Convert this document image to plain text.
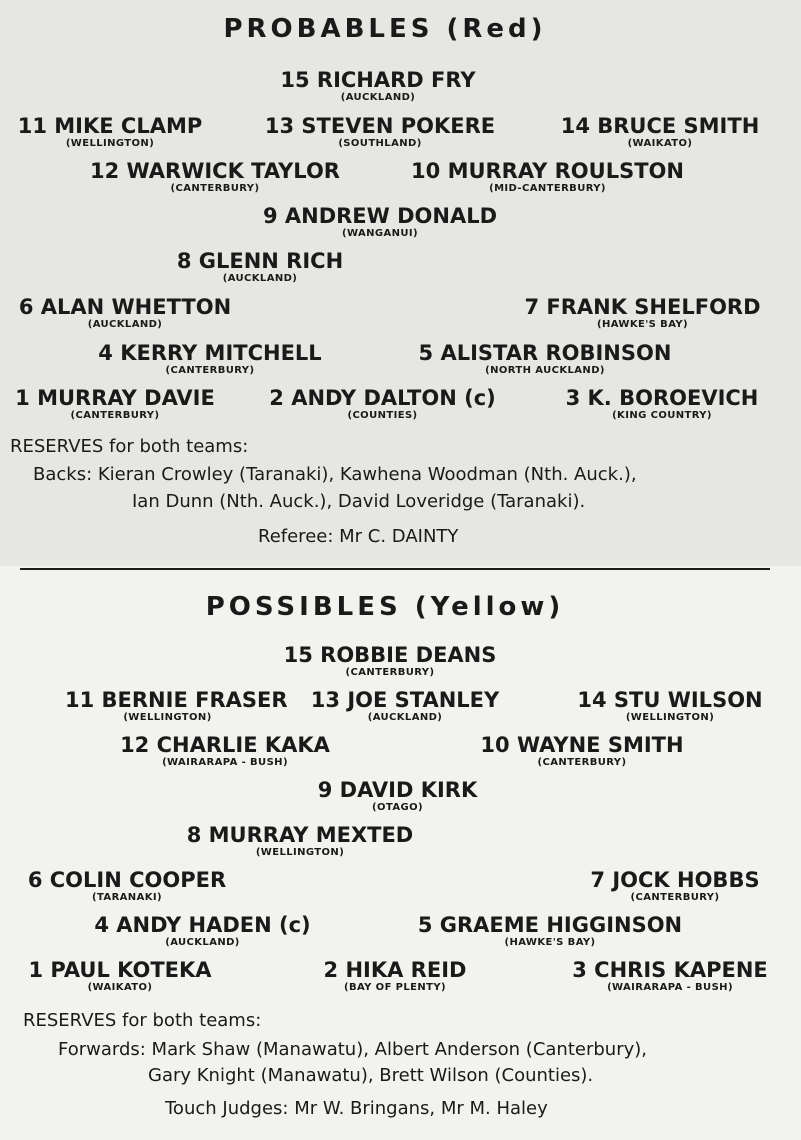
PROBABLES (Red)
15 RICHARD FRY
(AUCKLAND)
11 MIKE CLAMP
(WELLINGTON)
13 STEVEN POKERE
(SOUTHLAND)
14 BRUCE SMITH
(WAIKATO)
12 WARWICK TAYLOR
(CANTERBURY)
10 MURRAY ROULSTON
(MID-CANTERBURY)
9 ANDREW DONALD
(WANGANUI)
8 GLENN RICH
(AUCKLAND)
6 ALAN WHETTON
(AUCKLAND)
7 FRANK SHELFORD
(HAWKE'S BAY)
4 KERRY MITCHELL
(CANTERBURY)
5 ALISTAR ROBINSON
(NORTH AUCKLAND)
1 MURRAY DAVIE
(CANTERBURY)
2 ANDY DALTON (c)
(COUNTIES)
3 K. BOROEVICH
(KING COUNTRY)
RESERVES for both teams:
Backs: Kieran Crowley (Taranaki), Kawhena Woodman (Nth. Auck.),
Ian Dunn (Nth. Auck.), David Loveridge (Taranaki).
Referee: Mr C. DAINTY
POSSIBLES (Yellow)
15 ROBBIE DEANS
(CANTERBURY)
11 BERNIE FRASER
(WELLINGTON)
13 JOE STANLEY
(AUCKLAND)
14 STU WILSON
(WELLINGTON)
12 CHARLIE KAKA
(WAIRARAPA - BUSH)
10 WAYNE SMITH
(CANTERBURY)
9 DAVID KIRK
(OTAGO)
8 MURRAY MEXTED
(WELLINGTON)
6 COLIN COOPER
(TARANAKI)
7 JOCK HOBBS
(CANTERBURY)
4 ANDY HADEN (c)
(AUCKLAND)
5 GRAEME HIGGINSON
(HAWKE'S BAY)
1 PAUL KOTEKA
(WAIKATO)
2 HIKA REID
(BAY OF PLENTY)
3 CHRIS KAPENE
(WAIRARAPA - BUSH)
RESERVES for both teams:
Forwards: Mark Shaw (Manawatu), Albert Anderson (Canterbury),
Gary Knight (Manawatu), Brett Wilson (Counties).
Touch Judges: Mr W. Bringans, Mr M. Haley
